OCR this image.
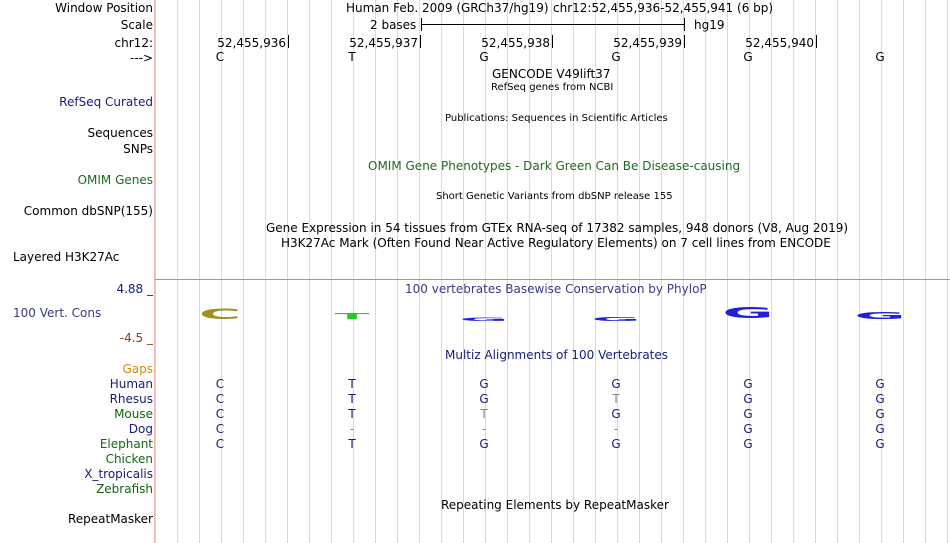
Window Position
Scale
chr12:
--->
RefSeq Curated
Sequences
SNPs
OMIM Genes
Common dbSNP(155)
Layered H3K27Ac
4.88 _
100 Vert. Cons
-4.5 _
Gaps
Human
Rhesus
Mouse
Dog
Elephant
Chicken
X_tropicalis
Zebrafish
RepeatMasker
Human Feb. 2009 (GRCh37/hg19) chr12:52,455,936-52,455,941 (6 bp)
2 bases	hg19
52,455,936	52,455,937	52,455,938	52,455,939	52,455,940
C	T	G	G	G	G
GENCODE V49lift37
RefSeq genes from NCBI
Publications: Sequences in Scientific Articles
OMIM Gene Phenotypes - Dark Green Can Be Disease-causing
Short Genetic Variants from dbSNP release 155
Gene Expression in 54 tissues from GTEx RNA-seq of 17382 samples, 948 donors (V8, Aug 2019)
H3K27Ac Mark (Often Found Near Active Regulatory Elements) on 7 cell lines from ENCODE
100 vertebrates Basewise Conservation by PhyloP
C	T	G	G	G	G
Multiz Alignments of 100 Vertebrates
C	T	G	G	G	G
C	T	G	T	G	G
C	T	T	G	G	G
C	-	-	-	G	G
C	T	G	G	G	G
Repeating Elements by RepeatMasker
